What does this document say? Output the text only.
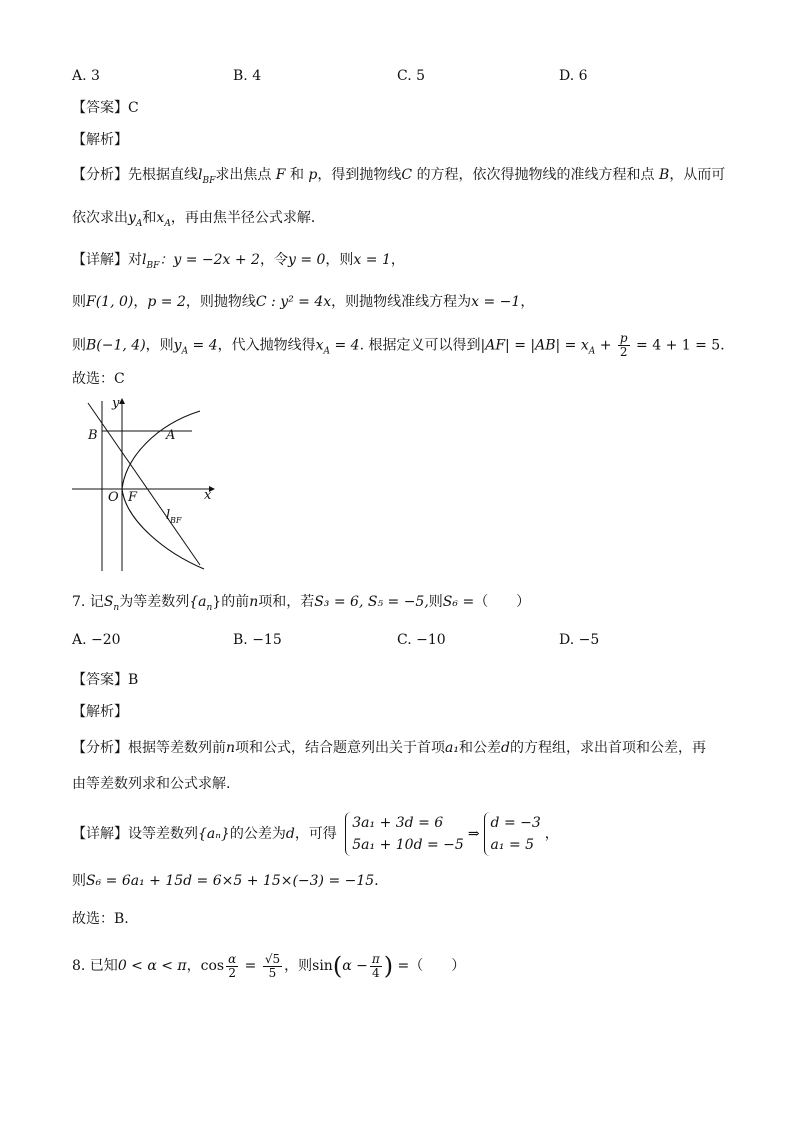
A. 3	B. 4	C. 5	D. 6
【答案】C
【解析】
【分析】先根据直线$l_{BF}$求出焦点 F 和 p，得到抛物线C 的方程，依次得抛物线的准线方程和点 B，从而可
依次求出$y_A$和$x_A$，再由焦半径公式求解．
【详解】对$l_{BF}$：y = −2x + 2，令y = 0，则x = 1，
则F(1, 0)，p = 2，则抛物线C : y² = 4x，则抛物线准线方程为x = −1，
则B(−1, 4)，则$y_A = 4$，代入抛物线得$x_A = 4$. 根据定义可以得到$|AF| = |AB| = x_A + \frac{p}{2} = 4 + 1 = 5$．
故选：C
y
x
B	A
O F
l BF
7. 记$S_n$为等差数列$\{a_n\}$的前n项和，若S₃ = 6, S₅ = −5,则S₆ =（　　）
A. −20	B. −15	C. −10	D. −5
【答案】B
【解析】
【分析】根据等差数列前n项和公式，结合题意列出关于首项a₁和公差d的方程组，求出首项和公差，再
由等差数列求和公式求解.
【详解】设等差数列{aₙ}的公差为d，可得
3a₁ + 3d = 6
5a₁ + 10d = −5
⇒
d = −3
a₁ = 5
，
则S₆ = 6a₁ + 15d = 6×5 + 15×(−3) = −15．
故选：B.
8. 已知0 < α < π，$\cos \frac{\alpha}{2} = \frac{√5}{5}$ ，则$\sin(\alpha - \frac{\pi}{4}$ ) =（　　）
